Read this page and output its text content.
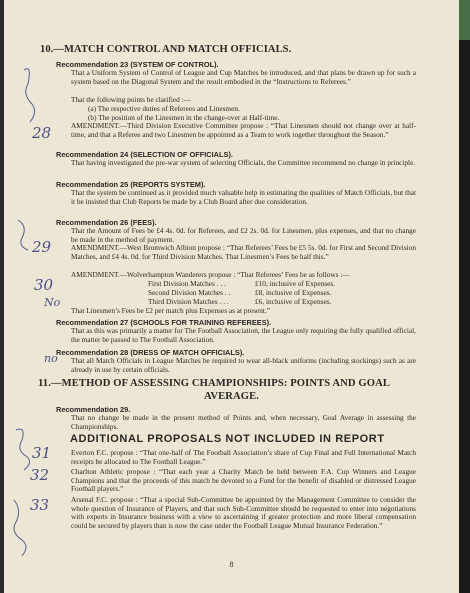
10.—MATCH CONTROL AND MATCH OFFICIALS.
Recommendation 23 (SYSTEM OF CONTROL).
That a Uniform System of Control of League and Cup Matches be introduced, and that plans be drawn up for such a system based on the Diagonal System and the result embodied in the “Instructions to Referees.”
That the following points be clarified :—
(a) The respective duties of Referees and Linesmen.
(b) The position of the Linesmen in the change-over at Half-time.
AMENDMENT.—Third Division Executive Committee propose : “That Linesmen should not change over at half-time, and that a Referee and two Linesmen be appointed as a Team to work together throughout the Season.”
Recommendation 24 (SELECTION OF OFFICIALS).
That having investigated the pre-war system of selecting Officials, the Committee recommend no change in principle.
Recommendation 25 (REPORTS SYSTEM).
That the system be continued as it provided much valuable help in estimating the qualities of Match Officials, but that it be insisted that Club Reports be made by a Club Board after due consideration.
Recommendation 26 (FEES).
That the Amount of Fees be £4 4s. 0d. for Referees, and £2 2s. 0d. for Linesmen, plus expenses, and that no change be made in the method of payment.
AMENDMENT.—West Bromwich Albion propose : “That Referees’ Fees be £5 5s. 0d. for First and Second Division Matches, and £4 4s. 0d. for Third Division Matches. That Linesmen’s Fees be half this.”
AMENDMENT.—Wolverhampton Wanderers propose : “That Referees’ Fees be as follows :—
First Division Matches . . .	£10, inclusive of Expenses.
Second Division Matches . .	£8, inclusive of Expenses.
Third Division Matches . . .	£6, inclusive of Expenses.
That Linesmen’s Fees be £2 per match plus Expenses as at present.”
Recommendation 27 (SCHOOLS FOR TRAINING REFEREES).
That as this was primarily a matter for The Football Association, the League only requiring the fully qualified official, the matter be passed to The Football Association.
Recommendation 28 (DRESS OF MATCH OFFICIALS).
That all Match Officials in League Matches be required to wear all-black uniforms (including stockings) such as are already in use by certain officials.
11.—METHOD OF ASSESSING CHAMPIONSHIPS: POINTS AND GOAL
AVERAGE.
Recommendation 29.
That no change be made in the present method of Points and, when necessary, Goal Average in assessing the Championships.
ADDITIONAL PROPOSALS NOT INCLUDED IN REPORT
Everton F.C. propose : “That one-half of The Football Association’s share of Cup Final and Full International Match receipts be allocated to The Football League.”
Charlton Athletic propose : “That each year a Charity Match be held between F.A. Cup Winners and League Champions and that the proceeds of this match be devoted to a Fund for the benefit of disabled or distressed League Football players.”
Arsenal F.C. propose : “That a special Sub-Committee be appointed by the Management Committee to consider the whole question of Insurance of Players, and that such Sub-Committee should be requested to enter into negotiations with experts in Insurance business with a view to ascertaining if greater protection and more liberal compensation could be secured by players than is now the case under the Football League Mutual Insurance Federation.”
8
28
29
30
No
no
31
32
33
